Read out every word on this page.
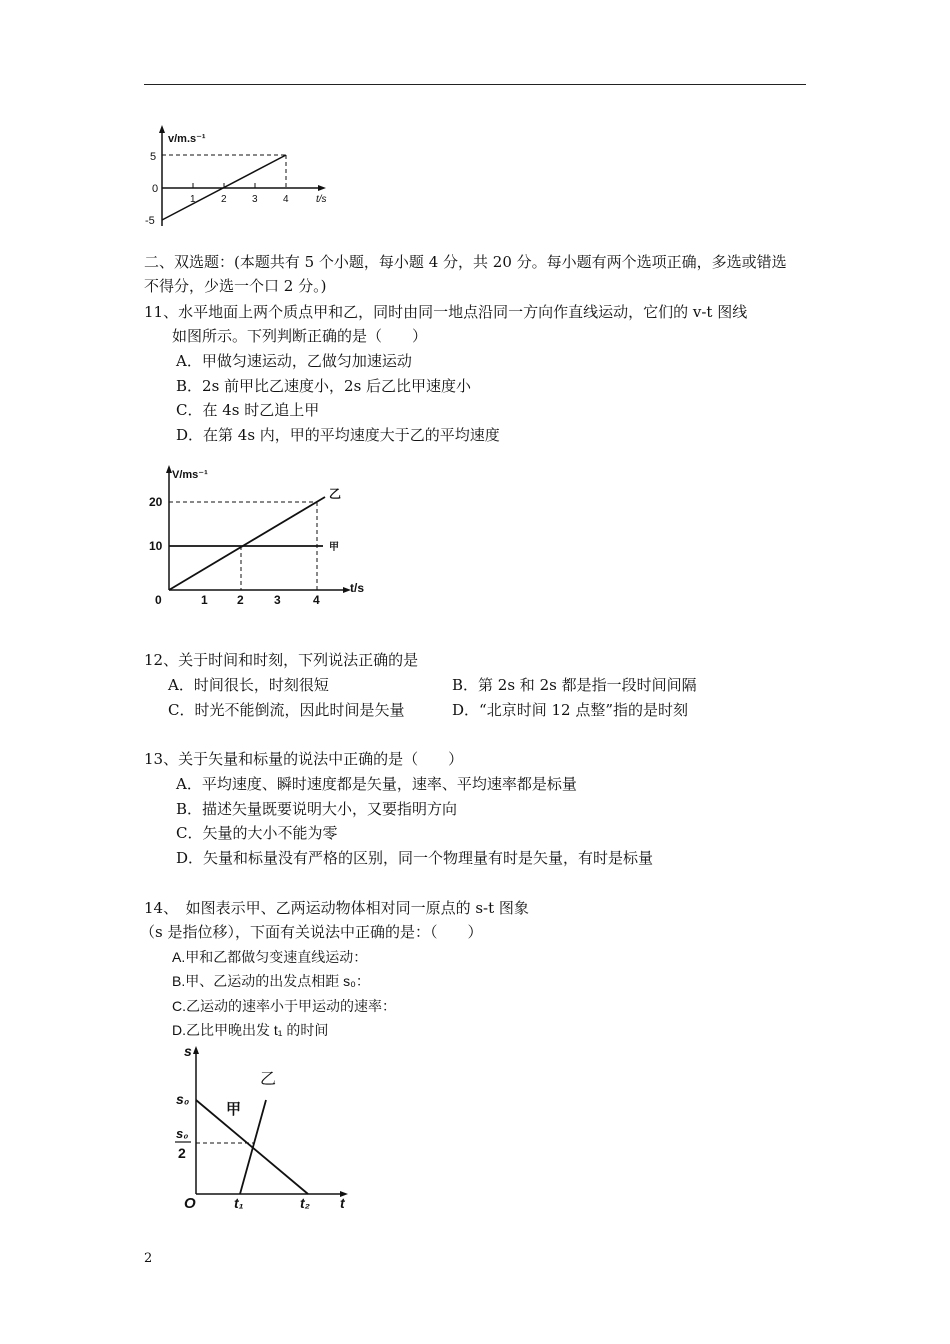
v/m.s⁻¹
5
0
-5
1	2	3	4	t/s
二、双选题：(本题共有 5 个小题，每小题 4 分，共 20 分。每小题有两个选项正确，多选或错选
不得分，少选一个口 2 分。)
11、水平地面上两个质点甲和乙，同时由同一地点沿同一方向作直线运动，它们的 v-t 图线
如图所示。下列判断正确的是（　　）
A．甲做匀速运动，乙做匀加速运动
B．2s 前甲比乙速度小，2s 后乙比甲速度小
C．在 4s 时乙追上甲
D．在第 4s 内，甲的平均速度大于乙的平均速度
V/ms⁻¹
20
10
0	1 2	3	4
t/s
乙
甲
12、关于时间和时刻，下列说法正确的是
A．时间很长，时刻很短	B．第 2s 和 2s 都是指一段时间间隔
C．时光不能倒流，因此时间是矢量	D．“北京时间 12 点整”指的是时刻
13、关于矢量和标量的说法中正确的是（　　）
A．平均速度、瞬时速度都是矢量，速率、平均速率都是标量
B．描述矢量既要说明大小，又要指明方向
C．矢量的大小不能为零
D．矢量和标量没有严格的区别，同一个物理量有时是矢量，有时是标量
14、　如图表示甲、乙两运动物体相对同一原点的 s-t 图象
（s 是指位移），下面有关说法中正确的是：（　　）
A.甲和乙都做匀变速直线运动：
B.甲、乙运动的出发点相距 s₀：
C.乙运动的速率小于甲运动的速率：
D.乙比甲晚出发 t₁ 的时间
s
s₀
s₀
2
O	t₁	t₂ t
甲
乙
2
